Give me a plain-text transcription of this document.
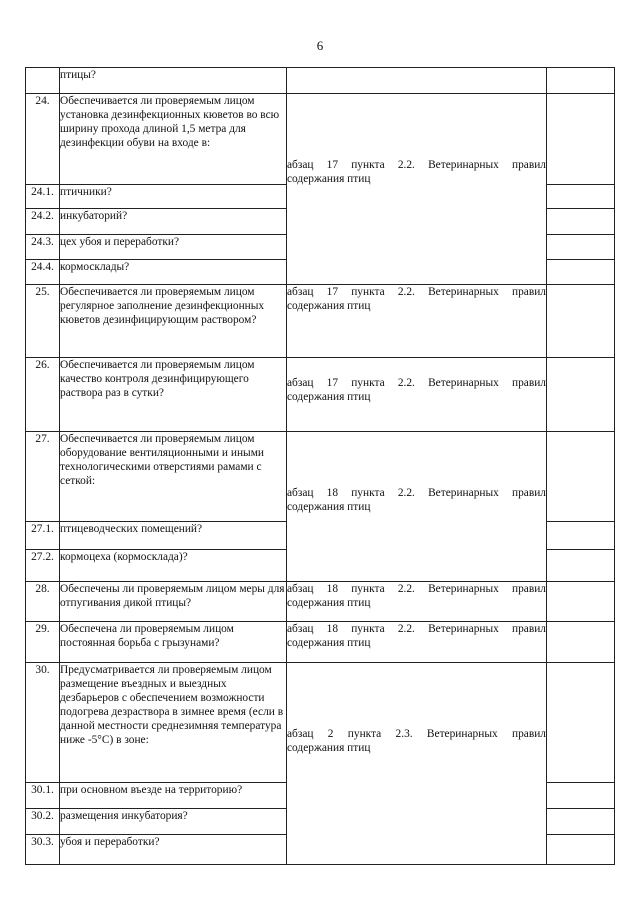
6
	птицы?		
24.	Обеспечивается ли проверяемым лицом установка дезинфекционных кюветов во всю ширину прохода длиной 1,5 метра для дезинфекции обуви на входе в:	абзац 17 пункта 2.2. Ветеринарных правил содержания птиц	

24.1.	птичники?		
24.2.	инкубаторий?		
24.3.	цех убоя и переработки?		
24.4.	кормосклады?		
25.	Обеспечивается ли проверяемым лицом регулярное заполнение дезинфекционных кюветов дезинфицирующим раствором?	абзац 17 пункта 2.2. Ветеринарных правил содержания птиц	

26.	Обеспечивается ли проверяемым лицом качество контроля дезинфицирующего раствора раз в сутки?	абзац 17 пункта 2.2. Ветеринарных правил содержания птиц	

27.	Обеспечивается ли проверяемым лицом оборудование вентиляционными и иными технологическими отверстиями рамами с сеткой:	абзац 18 пункта 2.2. Ветеринарных правил содержания птиц	

27.1.	птицеводческих помещений?		
27.2.	кормоцеха (кормосклада)?		
28.	Обеспечены ли проверяемым лицом меры для отпугивания дикой птицы?	абзац 18 пункта 2.2. Ветеринарных правил содержания птиц	

29.	Обеспечена ли проверяемым лицом постоянная борьба с грызунами?	абзац 18 пункта 2.2. Ветеринарных правил содержания птиц	

30.	Предусматривается ли проверяемым лицом размещение въездных и выездных дезбарьеров с обеспечением возможности подогрева дезраствора в зимнее время (если в данной местности среднезимняя температура ниже -5°С) в зоне:	абзац 2 пункта 2.3. Ветеринарных правил содержания птиц	

30.1.	при основном въезде на территорию?		
30.2.	размещения инкубатория?		
30.3.	убоя и переработки?		
